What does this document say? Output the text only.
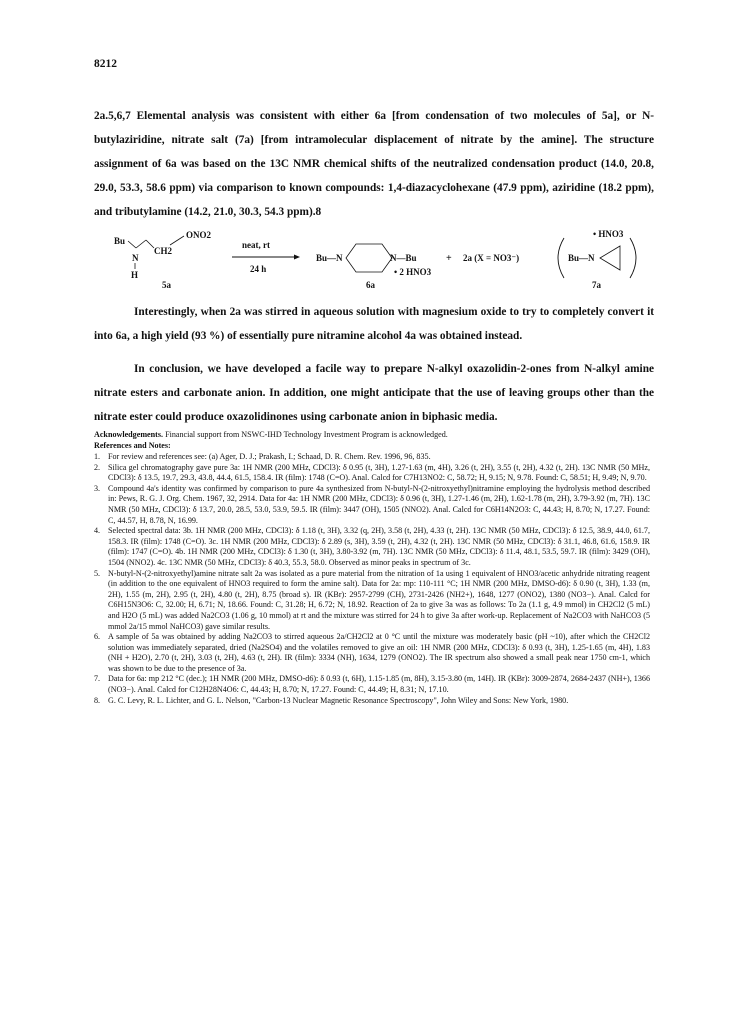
8212
2a.5,6,7 Elemental analysis was consistent with either 6a [from condensation of two molecules of 5a], or N-butylaziridine, nitrate salt (7a) [from intramolecular displacement of nitrate by the amine]. The structure assignment of 6a was based on the 13C NMR chemical shifts of the neutralized condensation product (14.0, 20.8, 29.0, 53.3, 58.6 ppm) via comparison to known compounds: 1,4-diazacyclohexane (47.9 ppm), aziridine (18.2 ppm), and tributylamine (14.2, 21.0, 30.3, 54.3 ppm).8
Bu
CH2
ONO2
N
H
5a
neat, rt
24 h
Bu—N	N—Bu
• 2 HNO3
6a
+ 2a (X = NO3⁻)
• HNO3
Bu—N
7a

Interestingly, when 2a was stirred in aqueous solution with magnesium oxide to try to completely convert it into 6a, a high yield (93 %) of essentially pure nitramine alcohol 4a was obtained instead.

In conclusion, we have developed a facile way to prepare N-alkyl oxazolidin-2-ones from N-alkyl amine nitrate esters and carbonate anion. In addition, one might anticipate that the use of leaving groups other than the nitrate ester could produce oxazolidinones using carbonate anion in biphasic media.

Acknowledgements. Financial support from NSWC-IHD Technology Investment Program is acknowledged.
References and Notes:
1. For review and references see: (a) Ager, D. J.; Prakash, I.; Schaad, D. R. Chem. Rev. 1996, 96, 835.
2. Silica gel chromatography gave pure 3a: 1H NMR (200 MHz, CDCl3): δ 0.95 (t, 3H), 1.27-1.63 (m, 4H), 3.26 (t, 2H), 3.55 (t, 2H), 4.32 (t, 2H). 13C NMR (50 MHz, CDCl3): δ 13.5, 19.7, 29.3, 43.8, 44.4, 61.5, 158.4. IR (film): 1748 (C=O). Anal. Calcd for C7H13NO2: C, 58.72; H, 9.15; N, 9.78. Found: C, 58.51; H, 9.49; N, 9.70.
3. Compound 4a's identity was confirmed by comparison to pure 4a synthesized from N-butyl-N-(2-nitroxyethyl)nitramine employing the hydrolysis method described in: Pews, R. G. J. Org. Chem. 1967, 32, 2914. Data for 4a: 1H NMR (200 MHz, CDCl3): δ 0.96 (t, 3H), 1.27-1.46 (m, 2H), 1.62-1.78 (m, 2H), 3.79-3.92 (m, 7H). 13C NMR (50 MHz, CDCl3): δ 13.7, 20.0, 28.5, 53.0, 53.9, 59.5. IR (film): 3447 (OH), 1505 (NNO2). Anal. Calcd for C6H14N2O3: C, 44.43; H, 8.70; N, 17.27. Found: C, 44.57, H, 8.78, N, 16.99.
4. Selected spectral data: 3b. 1H NMR (200 MHz, CDCl3): δ 1.18 (t, 3H), 3.32 (q, 2H), 3.58 (t, 2H), 4.33 (t, 2H). 13C NMR (50 MHz, CDCl3): δ 12.5, 38.9, 44.0, 61.7, 158.3. IR (film): 1748 (C=O). 3c. 1H NMR (200 MHz, CDCl3): δ 2.89 (s, 3H), 3.59 (t, 2H), 4.32 (t, 2H). 13C NMR (50 MHz, CDCl3): δ 31.1, 46.8, 61.6, 158.9. IR (film): 1747 (C=O). 4b. 1H NMR (200 MHz, CDCl3): δ 1.30 (t, 3H), 3.80-3.92 (m, 7H). 13C NMR (50 MHz, CDCl3): δ 11.4, 48.1, 53.5, 59.7. IR (film): 3429 (OH), 1504 (NNO2). 4c. 13C NMR (50 MHz, CDCl3): δ 40.3, 55.3, 58.0. Observed as minor peaks in spectrum of 3c.
5. N-butyl-N-(2-nitroxyethyl)amine nitrate salt 2a was isolated as a pure material from the nitration of 1a using 1 equivalent of HNO3/acetic anhydride nitrating reagent (in addition to the one equivalent of HNO3 required to form the amine salt). Data for 2a: mp: 110-111 °C; 1H NMR (200 MHz, DMSO-d6): δ 0.90 (t, 3H), 1.33 (m, 2H), 1.55 (m, 2H), 2.95 (t, 2H), 4.80 (t, 2H), 8.75 (broad s). IR (KBr): 2957-2799 (CH), 2731-2426 (NH2+), 1648, 1277 (ONO2), 1380 (NO3−). Anal. Calcd for C6H15N3O6: C, 32.00; H, 6.71; N, 18.66. Found: C, 31.28; H, 6.72; N, 18.92. Reaction of 2a to give 3a was as follows: To 2a (1.1 g, 4.9 mmol) in CH2Cl2 (5 mL) and H2O (5 mL) was added Na2CO3 (1.06 g, 10 mmol) at rt and the mixture was stirred for 24 h to give 3a after work-up. Replacement of Na2CO3 with NaHCO3 (5 mmol 2a/15 mmol NaHCO3) gave similar results.
6. A sample of 5a was obtained by adding Na2CO3 to stirred aqueous 2a/CH2Cl2 at 0 °C until the mixture was moderately basic (pH ~10), after which the CH2Cl2 solution was immediately separated, dried (Na2SO4) and the volatiles removed to give an oil: 1H NMR (200 MHz, CDCl3): δ 0.93 (t, 3H), 1.25-1.65 (m, 4H), 1.83 (NH + H2O), 2.70 (t, 2H), 3.03 (t, 2H), 4.63 (t, 2H). IR (film): 3334 (NH), 1634, 1279 (ONO2). The IR spectrum also showed a small peak near 1750 cm-1, which was shown to be due to the presence of 3a.
7. Data for 6a: mp 212 °C (dec.); 1H NMR (200 MHz, DMSO-d6): δ 0.93 (t, 6H), 1.15-1.85 (m, 8H), 3.15-3.80 (m, 14H). IR (KBr): 3009-2874, 2684-2437 (NH+), 1366 (NO3−). Anal. Calcd for C12H28N4O6: C, 44.43; H, 8.70; N, 17.27. Found: C, 44.49; H, 8.31; N, 17.10.
8. G. C. Levy, R. L. Lichter, and G. L. Nelson, "Carbon-13 Nuclear Magnetic Resonance Spectroscopy", John Wiley and Sons: New York, 1980.
